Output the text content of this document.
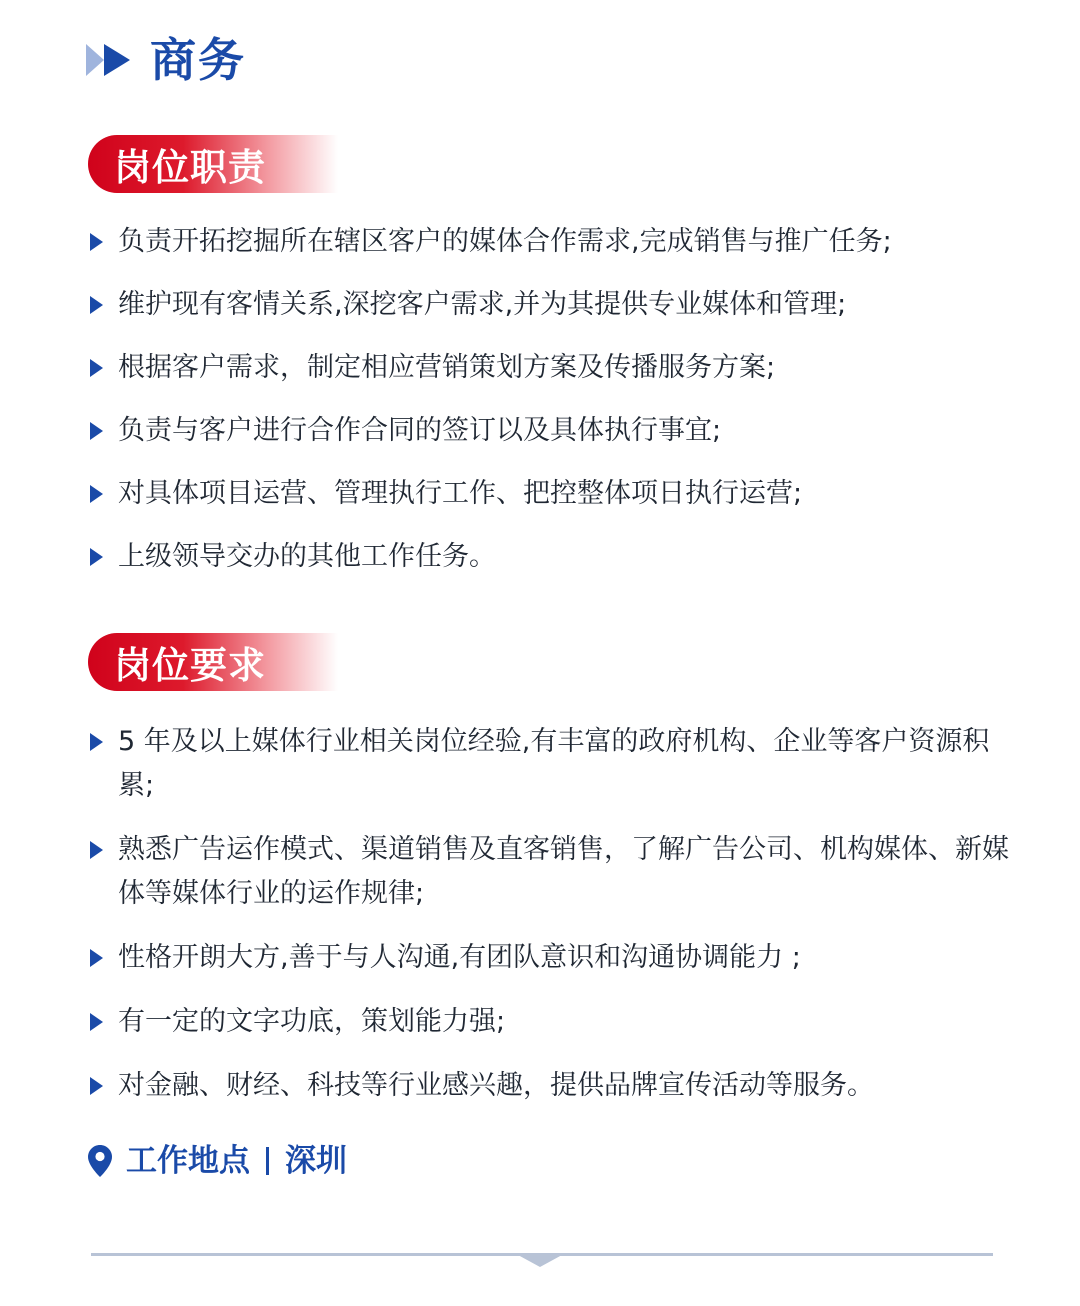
商务
岗位职责
负责开拓挖掘所在辖区客户的媒体合作需求,完成销售与推广任务;
维护现有客情关系,深挖客户需求,并为其提供专业媒体和管理;
根据客户需求，制定相应营销策划方案及传播服务方案;
负责与客户进行合作合同的签订以及具体执行事宜;
对具体项目运营、管理执行工作、把控整体项日执行运营;
上级领导交办的其他工作任务。
岗位要求
5 年及以上媒体行业相关岗位经验,有丰富的政府机构、企业等客户资源积累;
熟悉广告运作模式、渠道销售及直客销售，了解广告公司、机构媒体、新媒体等媒体行业的运作规律;
性格开朗大方,善于与人沟通,有团队意识和沟通协调能力 ;
有一定的文字功底，策划能力强;
对金融、财经、科技等行业感兴趣，提供品牌宣传活动等服务。
工作地点 深圳
